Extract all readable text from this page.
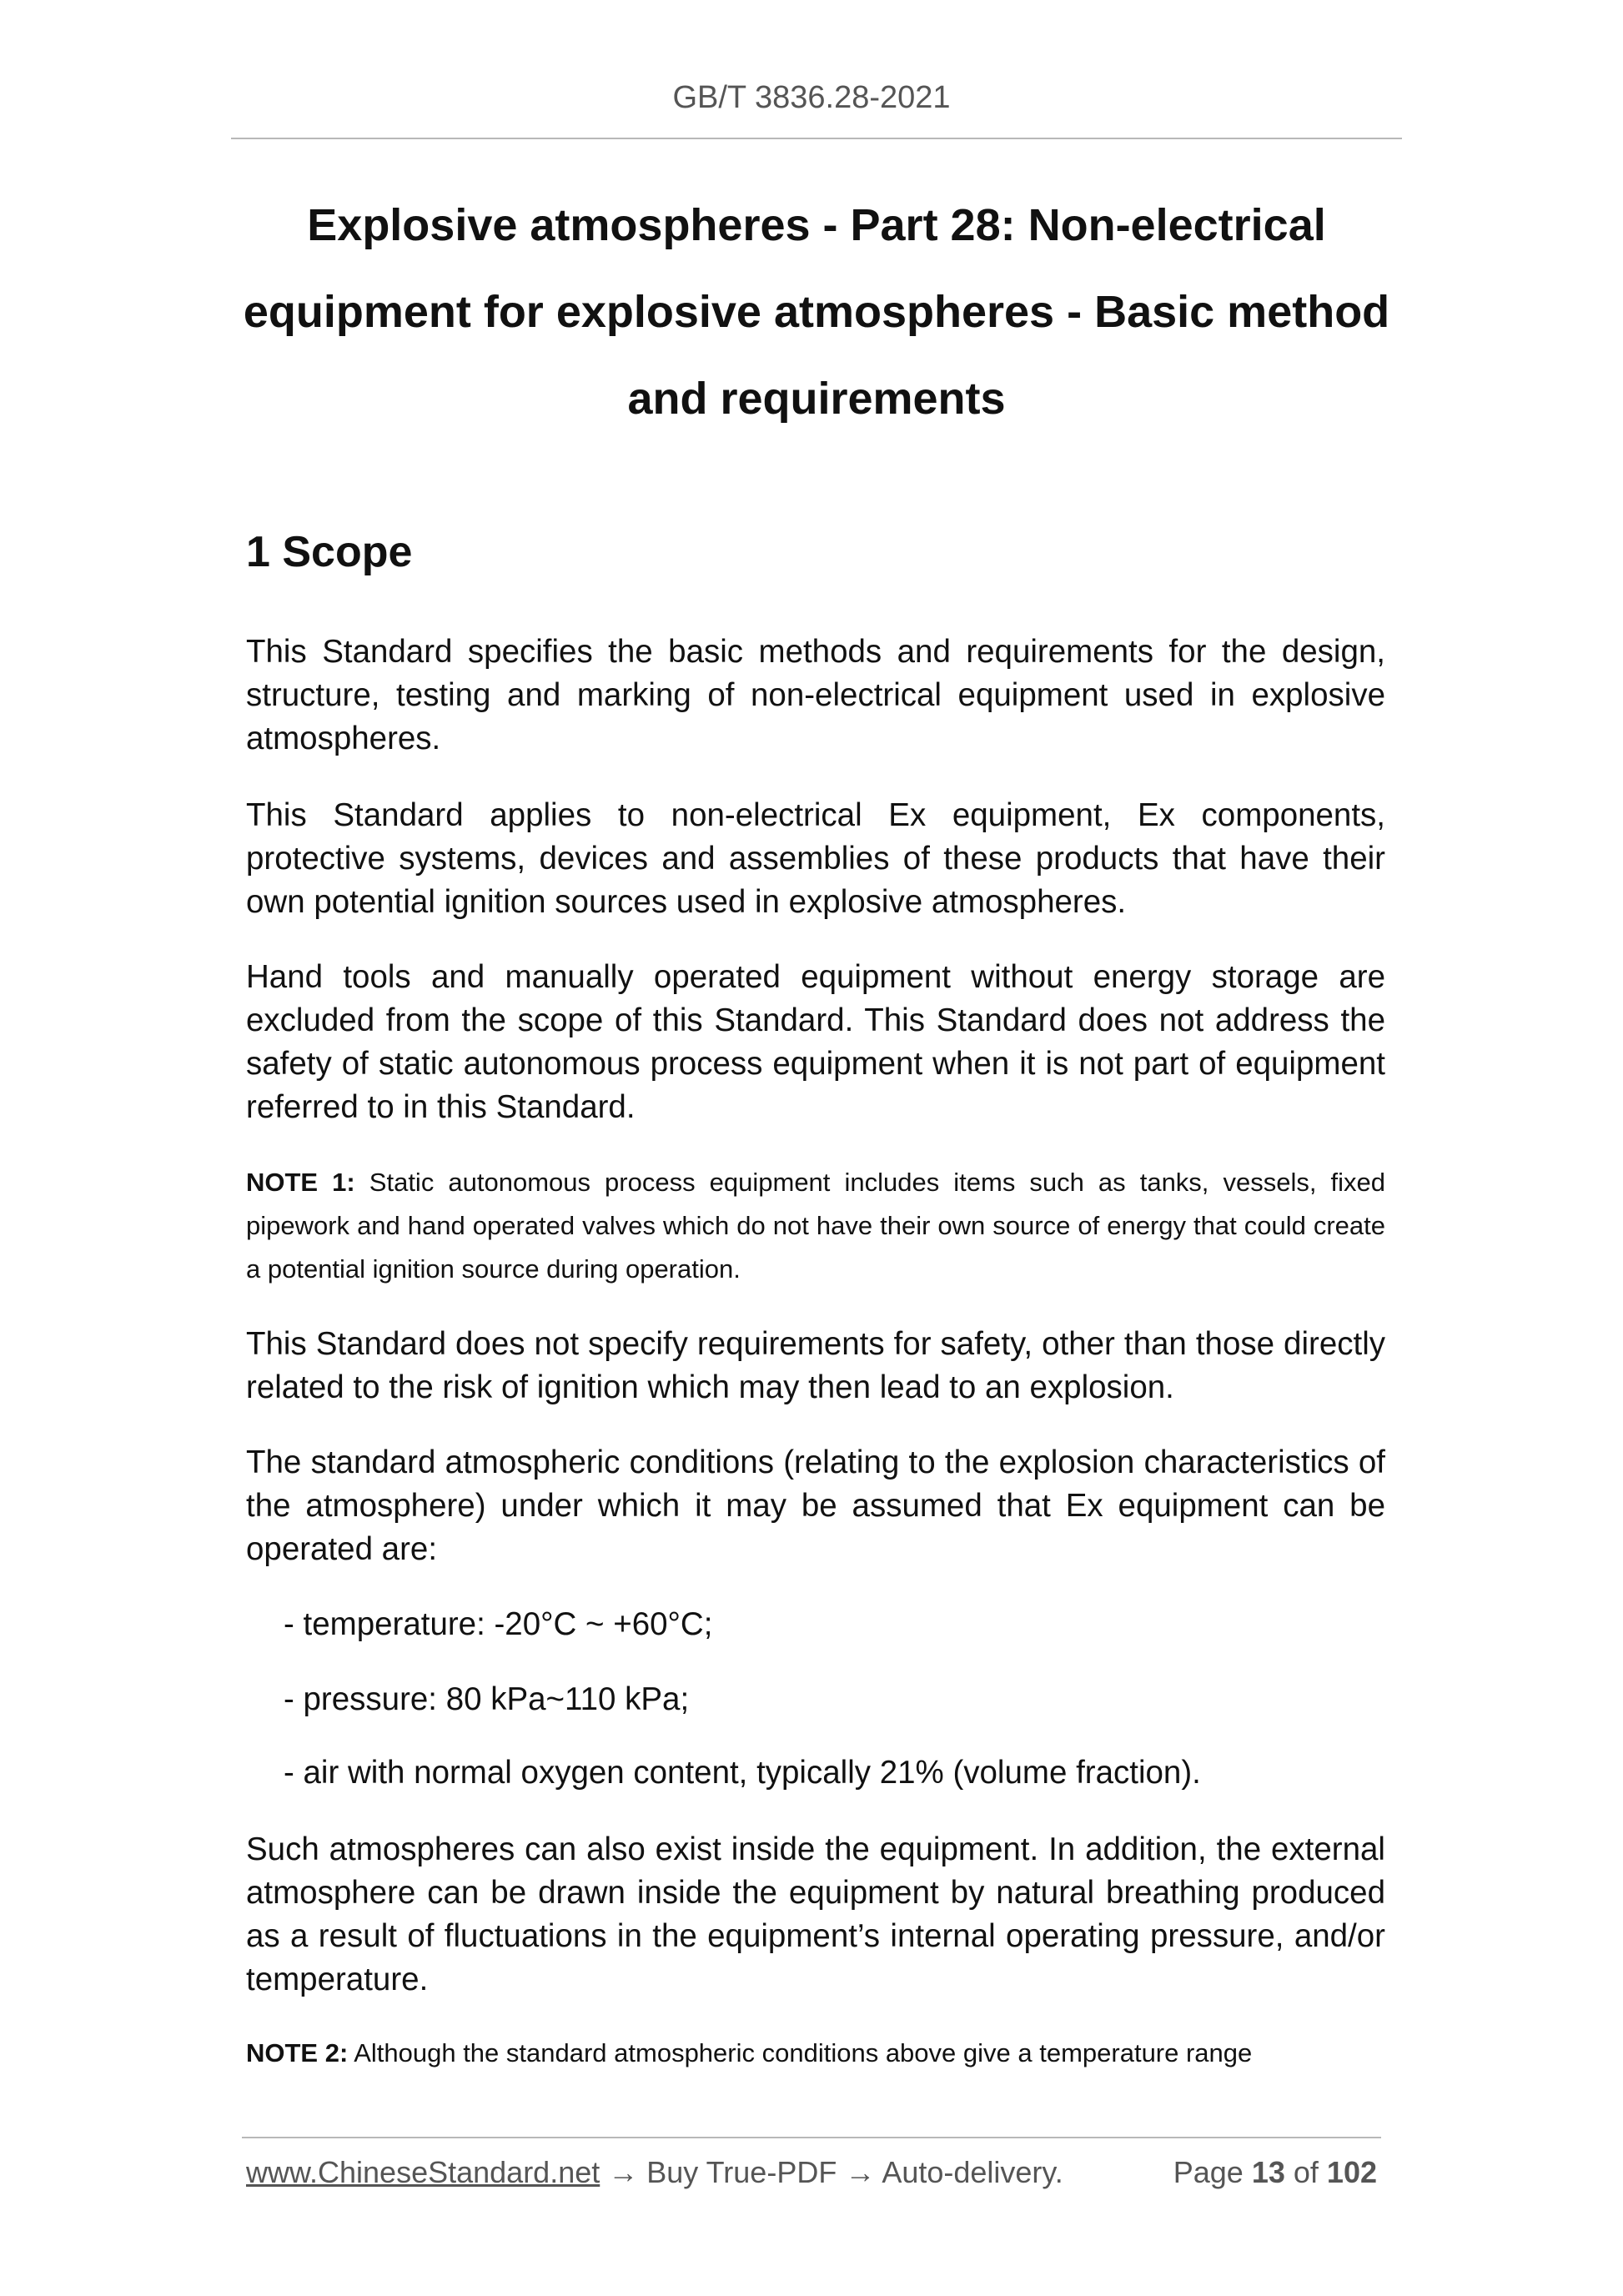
GB/T 3836.28-2021
Explosive atmospheres - Part 28: Non-electrical
equipment for explosive atmospheres - Basic method
and requirements
1 Scope

This Standard specifies the basic methods and requirements for the design, structure, testing and marking of non-electrical equipment used in explosive atmospheres.

This Standard applies to non-electrical Ex equipment, Ex components, protective systems, devices and assemblies of these products that have their own potential ignition sources used in explosive atmospheres.

Hand tools and manually operated equipment without energy storage are excluded from the scope of this Standard. This Standard does not address the safety of static autonomous process equipment when it is not part of equipment referred to in this Standard.

NOTE 1: Static autonomous process equipment includes items such as tanks, vessels, fixed pipework and hand operated valves which do not have their own source of energy that could create a potential ignition source during operation.

This Standard does not specify requirements for safety, other than those directly related to the risk of ignition which may then lead to an explosion.

The standard atmospheric conditions (relating to the explosion characteristics of the atmosphere) under which it may be assumed that Ex equipment can be operated are:

- temperature: -20°C ~ +60°C;

- pressure: 80 kPa~110 kPa;

- air with normal oxygen content, typically 21% (volume fraction).

Such atmospheres can also exist inside the equipment. In addition, the external atmosphere can be drawn inside the equipment by natural breathing produced as a result of fluctuations in the equipment’s internal operating pressure, and/or temperature.

NOTE 2: Although the standard atmospheric conditions above give a temperature range

www.ChineseStandard.net → Buy True-PDF → Auto-delivery.	Page 13 of 102
